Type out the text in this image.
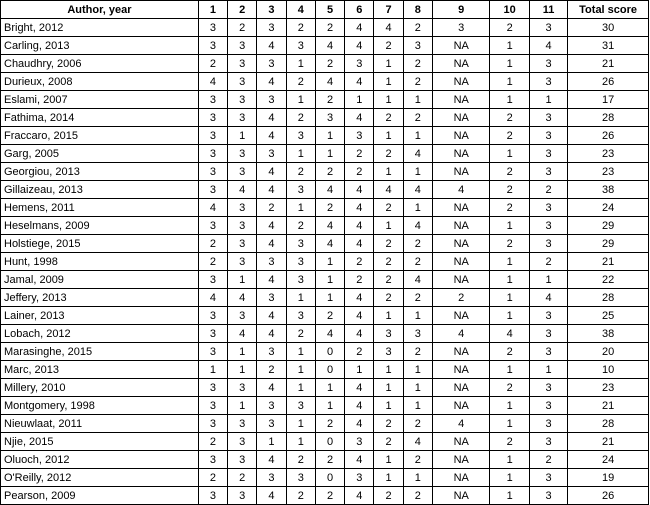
Author, year	1	2	3	4	5	6	7	8	9	10	11	Total score
Bright, 2012	3	2	3	2	2	4	4	2	3	2	3	30
Carling, 2013	3	3	4	3	4	4	2	3	NA	1	4	31
Chaudhry, 2006	2	3	3	1	2	3	1	2	NA	1	3	21
Durieux, 2008	4	3	4	2	4	4	1	2	NA	1	3	26
Eslami, 2007	3	3	3	1	2	1	1	1	NA	1	1	17
Fathima, 2014	3	3	4	2	3	4	2	2	NA	2	3	28
Fraccaro, 2015	3	1	4	3	1	3	1	1	NA	2	3	26
Garg, 2005	3	3	3	1	1	2	2	4	NA	1	3	23
Georgiou, 2013	3	3	4	2	2	2	1	1	NA	2	3	23
Gillaizeau, 2013	3	4	4	3	4	4	4	4	4	2	2	38
Hemens, 2011	4	3	2	1	2	4	2	1	NA	2	3	24
Heselmans, 2009	3	3	4	2	4	4	1	4	NA	1	3	29
Holstiege, 2015	2	3	4	3	4	4	2	2	NA	2	3	29
Hunt, 1998	2	3	3	3	1	2	2	2	NA	1	2	21
Jamal, 2009	3	1	4	3	1	2	2	4	NA	1	1	22
Jeffery, 2013	4	4	3	1	1	4	2	2	2	1	4	28
Lainer, 2013	3	3	4	3	2	4	1	1	NA	1	3	25
Lobach, 2012	3	4	4	2	4	4	3	3	4	4	3	38
Marasinghe, 2015	3	1	3	1	0	2	3	2	NA	2	3	20
Marc, 2013	1	1	2	1	0	1	1	1	NA	1	1	10
Millery, 2010	3	3	4	1	1	4	1	1	NA	2	3	23
Montgomery, 1998	3	1	3	3	1	4	1	1	NA	1	3	21
Nieuwlaat, 2011	3	3	3	1	2	4	2	2	4	1	3	28
Njie, 2015	2	3	1	1	0	3	2	4	NA	2	3	21
Oluoch, 2012	3	3	4	2	2	4	1	2	NA	1	2	24
O'Reilly, 2012	2	2	3	3	0	3	1	1	NA	1	3	19
Pearson, 2009	3	3	4	2	2	4	2	2	NA	1	3	26
